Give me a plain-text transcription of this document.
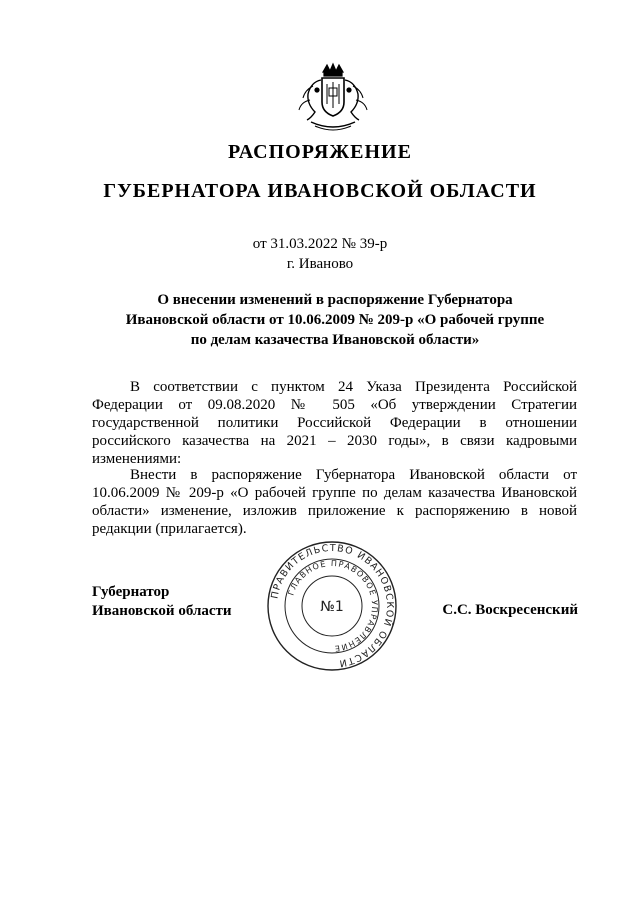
РАСПОРЯЖЕНИЕ
ГУБЕРНАТОРА ИВАНОВСКОЙ ОБЛАСТИ
от 31.03.2022 № 39-р
г. Иваново
О внесении изменений в распоряжение Губернатора
Ивановской области от 10.06.2009 № 209-р «О рабочей группе
по делам казачества Ивановской области»
В соответствии с пунктом 24 Указа Президента Российской Федерации от 09.08.2020 № 505 «Об утверждении Стратегии государственной политики Российской Федерации в отношении российского казачества на 2021 – 2030 годы», в связи кадровыми изменениями:
Внести в распоряжение Губернатора Ивановской области от 10.06.2009 № 209-р «О рабочей группе по делам казачества Ивановской области» изменение, изложив приложение к распоряжению в новой редакции (прилагается).
Губернатор
Ивановской области
ПРАВИТЕЛЬСТВО ИВАНОВСКОЙ ОБЛАСТИ
ГЛАВНОЕ ПРАВОВОЕ УПРАВЛЕНИЕ
№1	С.С. Воскресенский
